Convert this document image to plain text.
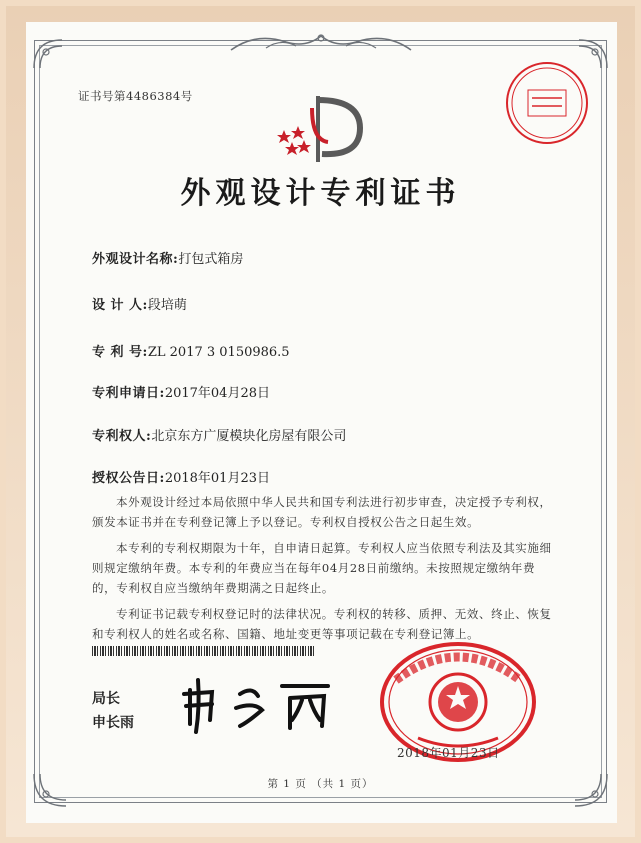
证书号第4486384号
外观设计专利证书
外观设计名称:打包式箱房
设 计 人:段培萌
专 利 号:ZL 2017 3 0150986.5
专利申请日:2017年04月28日
专利权人:北京东方广厦模块化房屋有限公司
授权公告日:2018年01月23日

本外观设计经过本局依照中华人民共和国专利法进行初步审查，决定授予专利权，颁发本证书并在专利登记簿上予以登记。专利权自授权公告之日起生效。

本专利的专利权期限为十年，自申请日起算。专利权人应当依照专利法及其实施细则规定缴纳年费。本专利的年费应当在每年04月28日前缴纳。未按照规定缴纳年费的，专利权自应当缴纳年费期满之日起终止。

专利证书记载专利权登记时的法律状况。专利权的转移、质押、无效、终止、恢复和专利权人的姓名或名称、国籍、地址变更等事项记载在专利登记簿上。

局长
申长雨
2018年01月23日
第 1 页 （共 1 页）
